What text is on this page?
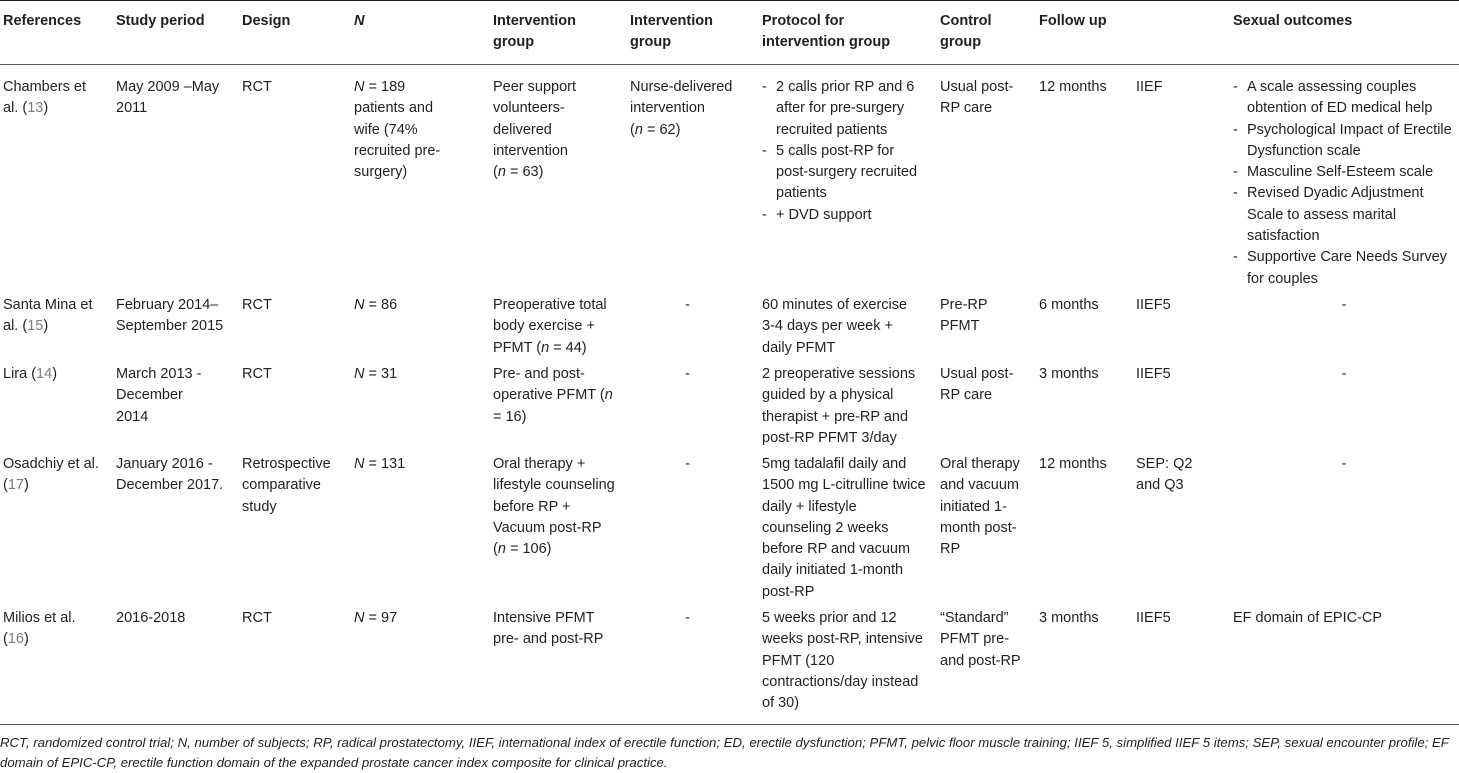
References	Study period	Design	N	Intervention group
Intervention group
Protocol for intervention group
Control group
Follow up	Sexual outcomes
Chambers et al. (13)
May 2009 –May 2011
RCT	N = 189 patients and wife (74% recruited pre-surgery)
Peer support volunteers-delivered intervention
(n = 63)
Nurse-delivered intervention
(n = 62)
- 2 calls prior RP and 6 after for pre-surgery recruited patients
- 5 calls post-RP for post-surgery recruited patients
- + DVD support
Usual post-RP care
12 months	IIEF
-	A scale assessing couples obtention of ED medical help
- Psychological Impact of Erectile Dysfunction scale
- Masculine Self-Esteem scale
- Revised Dyadic Adjustment Scale to assess marital satisfaction
- Supportive Care Needs Survey for couples
Santa Mina et al. (15)
February 2014–September 2015
RCT	N = 86	Preoperative total body exercise + PFMT (n = 44)
-	60 minutes of exercise 3-4 days per week + daily PFMT
Pre-RP PFMT
6 months	IIEF5	-
Lira (14)	March 2013 -December 2014
RCT	N = 31	Pre- and post-operative PFMT (n = 16)
-	2 preoperative sessions guided by a physical therapist + pre-RP and post-RP PFMT 3/day
Usual post-RP care
3 months	IIEF5	-
Osadchiy et al. (17)
January 2016 - December 2017.
Retrospective comparative study
N = 131	Oral therapy + lifestyle counseling before RP + Vacuum post-RP (n = 106)
-	5mg tadalafil daily and 1500 mg L-citrulline twice daily + lifestyle counseling 2 weeks before RP and vacuum daily initiated 1-month post-RP
Oral therapy and vacuum initiated 1-month post-RP
12 months	SEP: Q2 and Q3
-
Milios et al. (16)
2016-2018	RCT	N = 97	Intensive PFMT pre- and post-RP
-	5 weeks prior and 12 weeks post-RP, intensive PFMT (120 contractions/day instead of 30)
“Standard” PFMT pre- and post-RP
3 months	IIEF5	EF domain of EPIC-CP
RCT, randomized control trial; N, number of subjects; RP, radical prostatectomy, IIEF, international index of erectile function; ED, erectile dysfunction; PFMT, pelvic floor muscle training; IIEF 5, simplified IIEF 5 items; SEP, sexual encounter profile; EF domain of EPIC-CP, erectile function domain of the expanded prostate cancer index composite for clinical practice.
